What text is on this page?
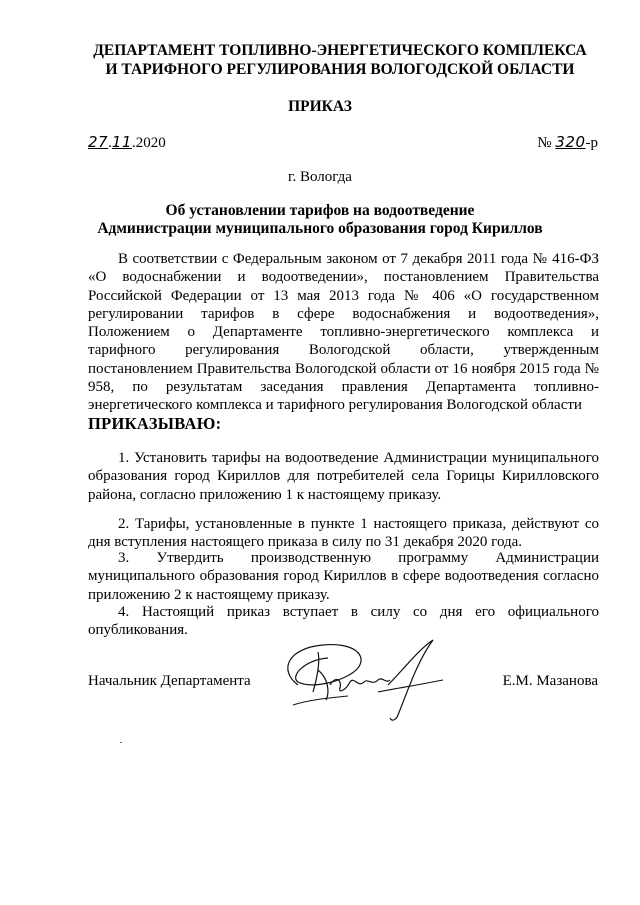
ДЕПАРТАМЕНТ ТОПЛИВНО-ЭНЕРГЕТИЧЕСКОГО КОМПЛЕКСА
И ТАРИФНОГО РЕГУЛИРОВАНИЯ ВОЛОГОДСКОЙ ОБЛАСТИ
ПРИКАЗ
27.11.2020	№ 320-р
г. Вологда
Об установлении тарифов на водоотведение
Администрации муниципального образования город Кириллов

В соответствии с Федеральным законом от 7 декабря 2011 года № 416-ФЗ «О водоснабжении и водоотведении», постановлением Правительства Российской Федерации от 13 мая 2013 года № 406 «О государственном регулировании тарифов в сфере водоснабжения и водоотведения», Положением о Департаменте топливно-энергетического комплекса и тарифного регулирования Вологодской области, утвержденным постановлением Правительства Вологодской области от 16 ноября 2015 года № 958, по результатам заседания правления Департамента топливно-энергетического комплекса и тарифного регулирования Вологодской области

ПРИКАЗЫВАЮ:

1. Установить тарифы на водоотведение Администрации муниципального образования город Кириллов для потребителей села Горицы Кирилловского района, согласно приложению 1 к настоящему приказу.

2. Тарифы, установленные в пункте 1 настоящего приказа, действуют со дня вступления настоящего приказа в силу по 31 декабря 2020 года.

3. Утвердить производственную программу Администрации муниципального образования город Кириллов в сфере водоотведения согласно приложению 2 к настоящему приказу.

4. Настоящий приказ вступает в силу со дня его официального опубликования.

Начальник Департамента	Е.М. Мазанова
